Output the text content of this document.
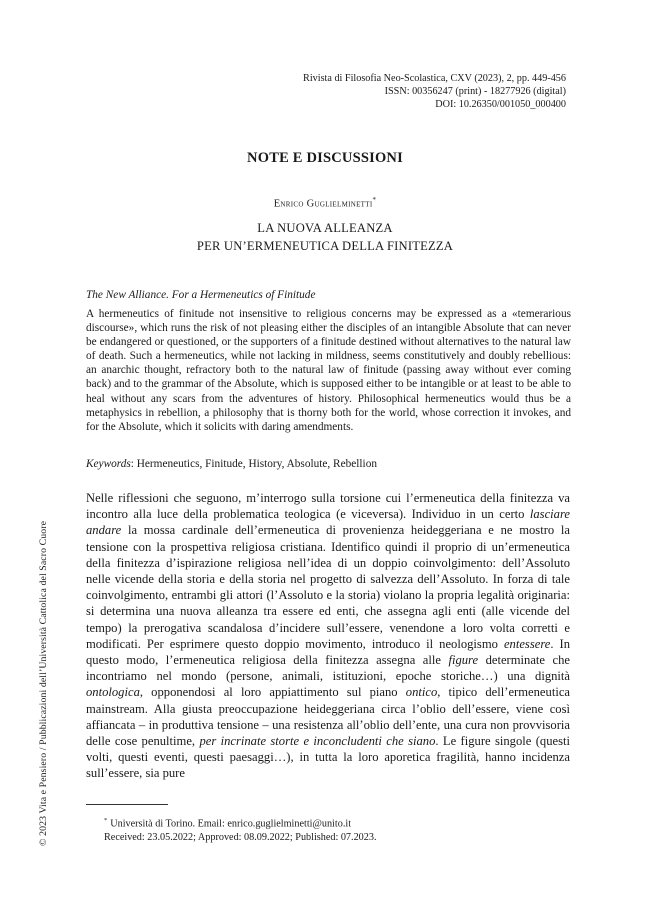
Rivista di Filosofia Neo-Scolastica, CXV (2023), 2, pp. 449-456
ISSN: 00356247 (print) - 18277926 (digital)
DOI: 10.26350/001050_000400
NOTE E DISCUSSIONI
Enrico Guglielminetti*
LA NUOVA ALLEANZA
PER UN’ERMENEUTICA DELLA FINITEZZA
The New Alliance. For a Hermeneutics of Finitude

A hermeneutics of finitude not insensitive to religious concerns may be expressed as a «temerarious discourse», which runs the risk of not pleasing either the disciples of an intangible Absolute that can never be endangered or questioned, or the supporters of a finitude destined without alternatives to the natural law of death. Such a hermeneutics, while not lacking in mildness, seems constitutively and doubly rebellious: an anarchic thought, refractory both to the natural law of finitude (passing away without ever coming back) and to the grammar of the Absolute, which is supposed either to be intangible or at least to be able to heal without any scars from the adventures of history. Philosophical hermeneutics would thus be a metaphysics in rebellion, a philosophy that is thorny both for the world, whose correction it invokes, and for the Absolute, which it solicits with daring amendments.

Keywords: Hermeneutics, Finitude, History, Absolute, Rebellion

Nelle riflessioni che seguono, m’interrogo sulla torsione cui l’ermeneutica della finitezza va incontro alla luce della problematica teologica (e viceversa). Individuo in un certo lasciare andare la mossa cardinale dell’ermeneutica di provenienza heideggeriana e ne mostro la tensione con la prospettiva religiosa cristiana. Identifico quindi il proprio di un’ermeneutica della finitezza d’ispirazione religiosa nell’idea di un doppio coinvolgimento: dell’Assoluto nelle vicende della storia e della storia nel progetto di salvezza dell’Assoluto. In forza di tale coinvolgimento, entrambi gli attori (l’Assoluto e la storia) violano la propria legalità originaria: si determina una nuova alleanza tra essere ed enti, che assegna agli enti (alle vicende del tempo) la prerogativa scandalosa d’incidere sull’essere, venendone a loro volta corretti e modificati. Per esprimere questo doppio movimento, introduco il neologismo entessere. In questo modo, l’ermeneutica religiosa della finitezza assegna alle figure determinate che incontriamo nel mondo (persone, animali, istituzioni, epoche storiche…) una dignità ontologica, opponendosi al loro appiattimento sul piano ontico, tipico dell’ermeneutica mainstream. Alla giusta preoccupazione heideggeriana circa l’oblio dell’essere, viene così affiancata – in produttiva tensione – una resistenza all’oblio dell’ente, una cura non provvisoria delle cose penultime, per incrinate storte e inconcludenti che siano. Le figure singole (questi volti, questi eventi, questi paesaggi…), in tutta la loro aporetica fragilità, hanno incidenza sull’essere, sia pure

* Università di Torino. Email: enrico.guglielminetti@unito.it
Received: 23.05.2022; Approved: 08.09.2022; Published: 07.2023.
© 2023 Vita e Pensiero / Pubblicazioni dell’Università Cattolica del Sacro Cuore
